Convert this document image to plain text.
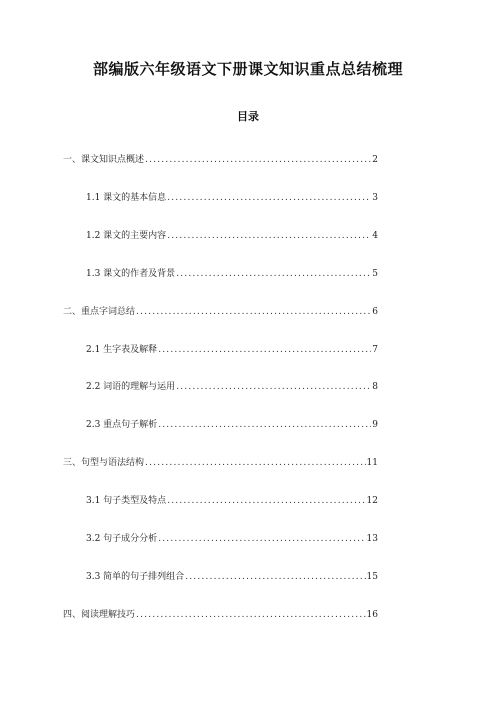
部编版六年级语文下册课文知识重点总结梳理
目录
一、课文知识点概述 .....	2
1.1 课文的基本信息 .....	3
1.2 课文的主要内容 .....	4
1.3 课文的作者及背景 .....	5
二、重点字词总结 .....	6
2.1 生字表及解释 .....	7
2.2 词语的理解与运用 .....	8
2.3 重点句子解析 .....	9
三、句型与语法结构 .....	11
3.1 句子类型及特点 .....	12
3.2 句子成分分析 .....	13
3.3 简单的句子排列组合 .....	15
四、阅读理解技巧 .....	16
